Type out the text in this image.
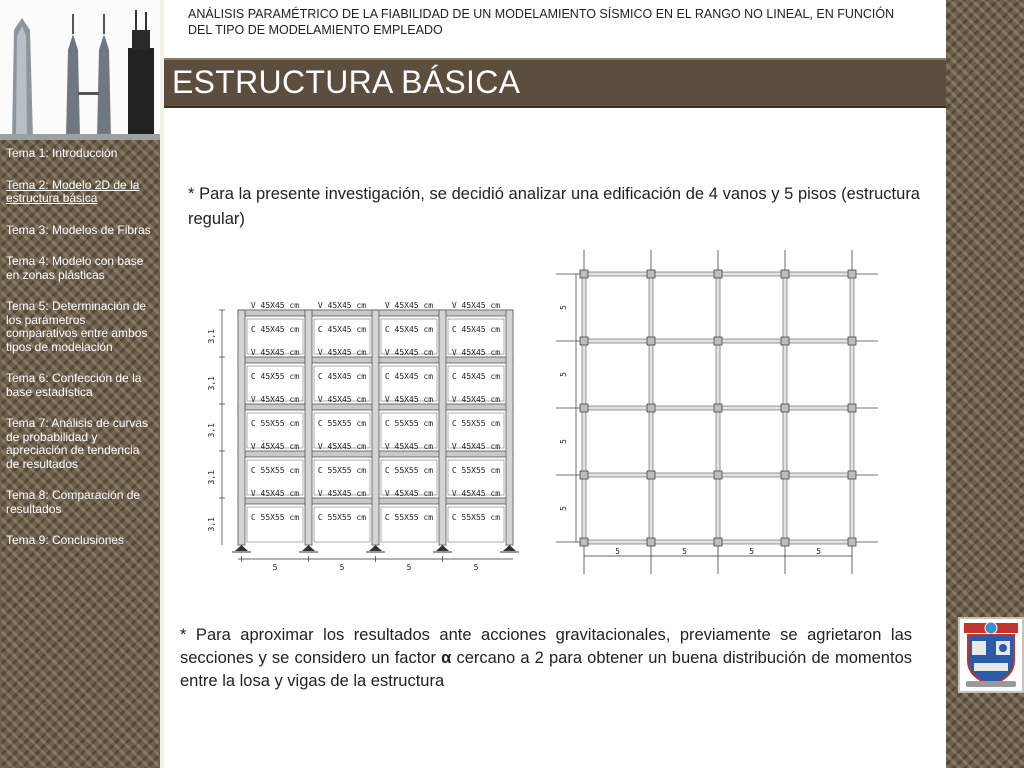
Tema 1: Introducción
Tema 2: Modelo 2D de la estructura básica
Tema 3: Modelos de Fibras
Tema 4: Modelo con base en zonas plásticas
Tema 5: Determinación de los parámetros comparativos entre ambos tipos de modelación
Tema 6: Confección de la base estadística
Tema 7: Análisis de curvas de probabilidad y apreciación de tendencia de resultados
Tema 8: Comparación de resultados
Tema 9: Conclusiones
ANÁLISIS PARAMÉTRICO DE LA FIABILIDAD DE UN MODELAMIENTO SÍSMICO EN EL RANGO NO LINEAL, EN FUNCIÓN DEL TIPO DE MODELAMIENTO EMPLEADO
ESTRUCTURA BÁSICA
* Para la presente investigación, se decidió analizar una edificación de 4 vanos y 5 pisos (estructura regular)
V 45X45 cm
C 45X45 cm
V 45X45 cm
C 45X45 cm
V 45X45 cm
C 45X45 cm
V 45X45 cm
C 45X45 cm
3,1
V 45X45 cm
C 45X55 cm
V 45X45 cm
C 45X45 cm
V 45X45 cm
C 45X45 cm
V 45X45 cm
C 45X45 cm
3,1
V 45X45 cm
C 55X55 cm
V 45X45 cm
C 55X55 cm
V 45X45 cm
C 55X55 cm
V 45X45 cm
C 55X55 cm
3,1
V 45X45 cm
C 55X55 cm
V 45X45 cm
C 55X55 cm
V 45X45 cm
C 55X55 cm
V 45X45 cm
C 55X55 cm
3,1
V 45X45 cm
C 55X55 cm
V 45X45 cm
C 55X55 cm
V 45X45 cm
C 55X55 cm
V 45X45 cm
C 55X55 cm
3,1
5	5	5	5
5
5
5
5
5	5	5	5
* Para aproximar los resultados ante acciones gravitacionales, previamente se agrietaron las secciones y se considero un factor α cercano a 2 para obtener un buena distribución de momentos entre la losa y vigas de la estructura
